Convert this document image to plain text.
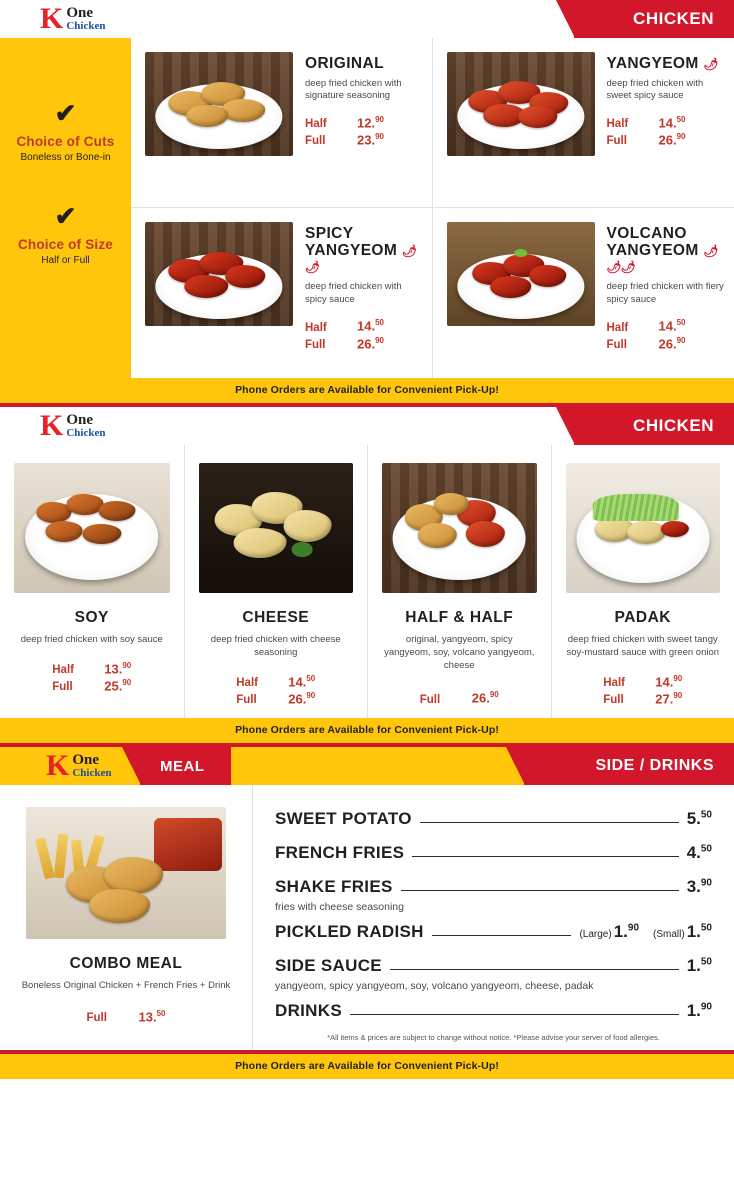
K One
Chicken	CHICKEN
✔
Choice of Cuts
Boneless or Bone-in
✔
Choice of Size
Half or Full
ORIGINAL
deep fried chicken with signature seasoning
Half	12.90
Full	23.90
YANGYEOM 🌶
deep fried chicken with sweet spicy sauce
Half	14.50
Full	26.90
SPICY YANGYEOM 🌶🌶
deep fried chicken with spicy sauce
Half	14.50
Full	26.90
VOLCANO YANGYEOM 🌶🌶🌶
deep fried chicken with fiery spicy sauce
Half	14.50
Full	26.90
Phone Orders are Available for Convenient Pick-Up!
K One
Chicken	CHICKEN
SOY
deep fried chicken with soy sauce
Half	13.90
Full	25.90
CHEESE
deep fried chicken with cheese seasoning
Half	14.50
Full	26.90
HALF & HALF
original, yangyeom, spicy yangyeom, soy, volcano yangyeom, cheese
Full	26.90
PADAK
deep fried chicken with sweet tangy soy-mustard sauce with green onion
Half	14.90
Full	27.90
Phone Orders are Available for Convenient Pick-Up!
K One
Chicken	MEAL	SIDE / DRINKS
COMBO MEAL
Boneless Original Chicken + French Fries + Drink
Full	13.50
SWEET POTATO	5.50
FRENCH FRIES	4.50
SHAKE FRIES	3.90
fries with cheese seasoning
PICKLED RADISH	(Large) 1.90
(Small) 1.50
SIDE SAUCE	1.50
yangyeom, spicy yangyeom, soy, volcano yangyeom, cheese, padak
DRINKS	1.90
*All items & prices are subject to change without notice. *Please advise your server of food allergies.
Phone Orders are Available for Convenient Pick-Up!
